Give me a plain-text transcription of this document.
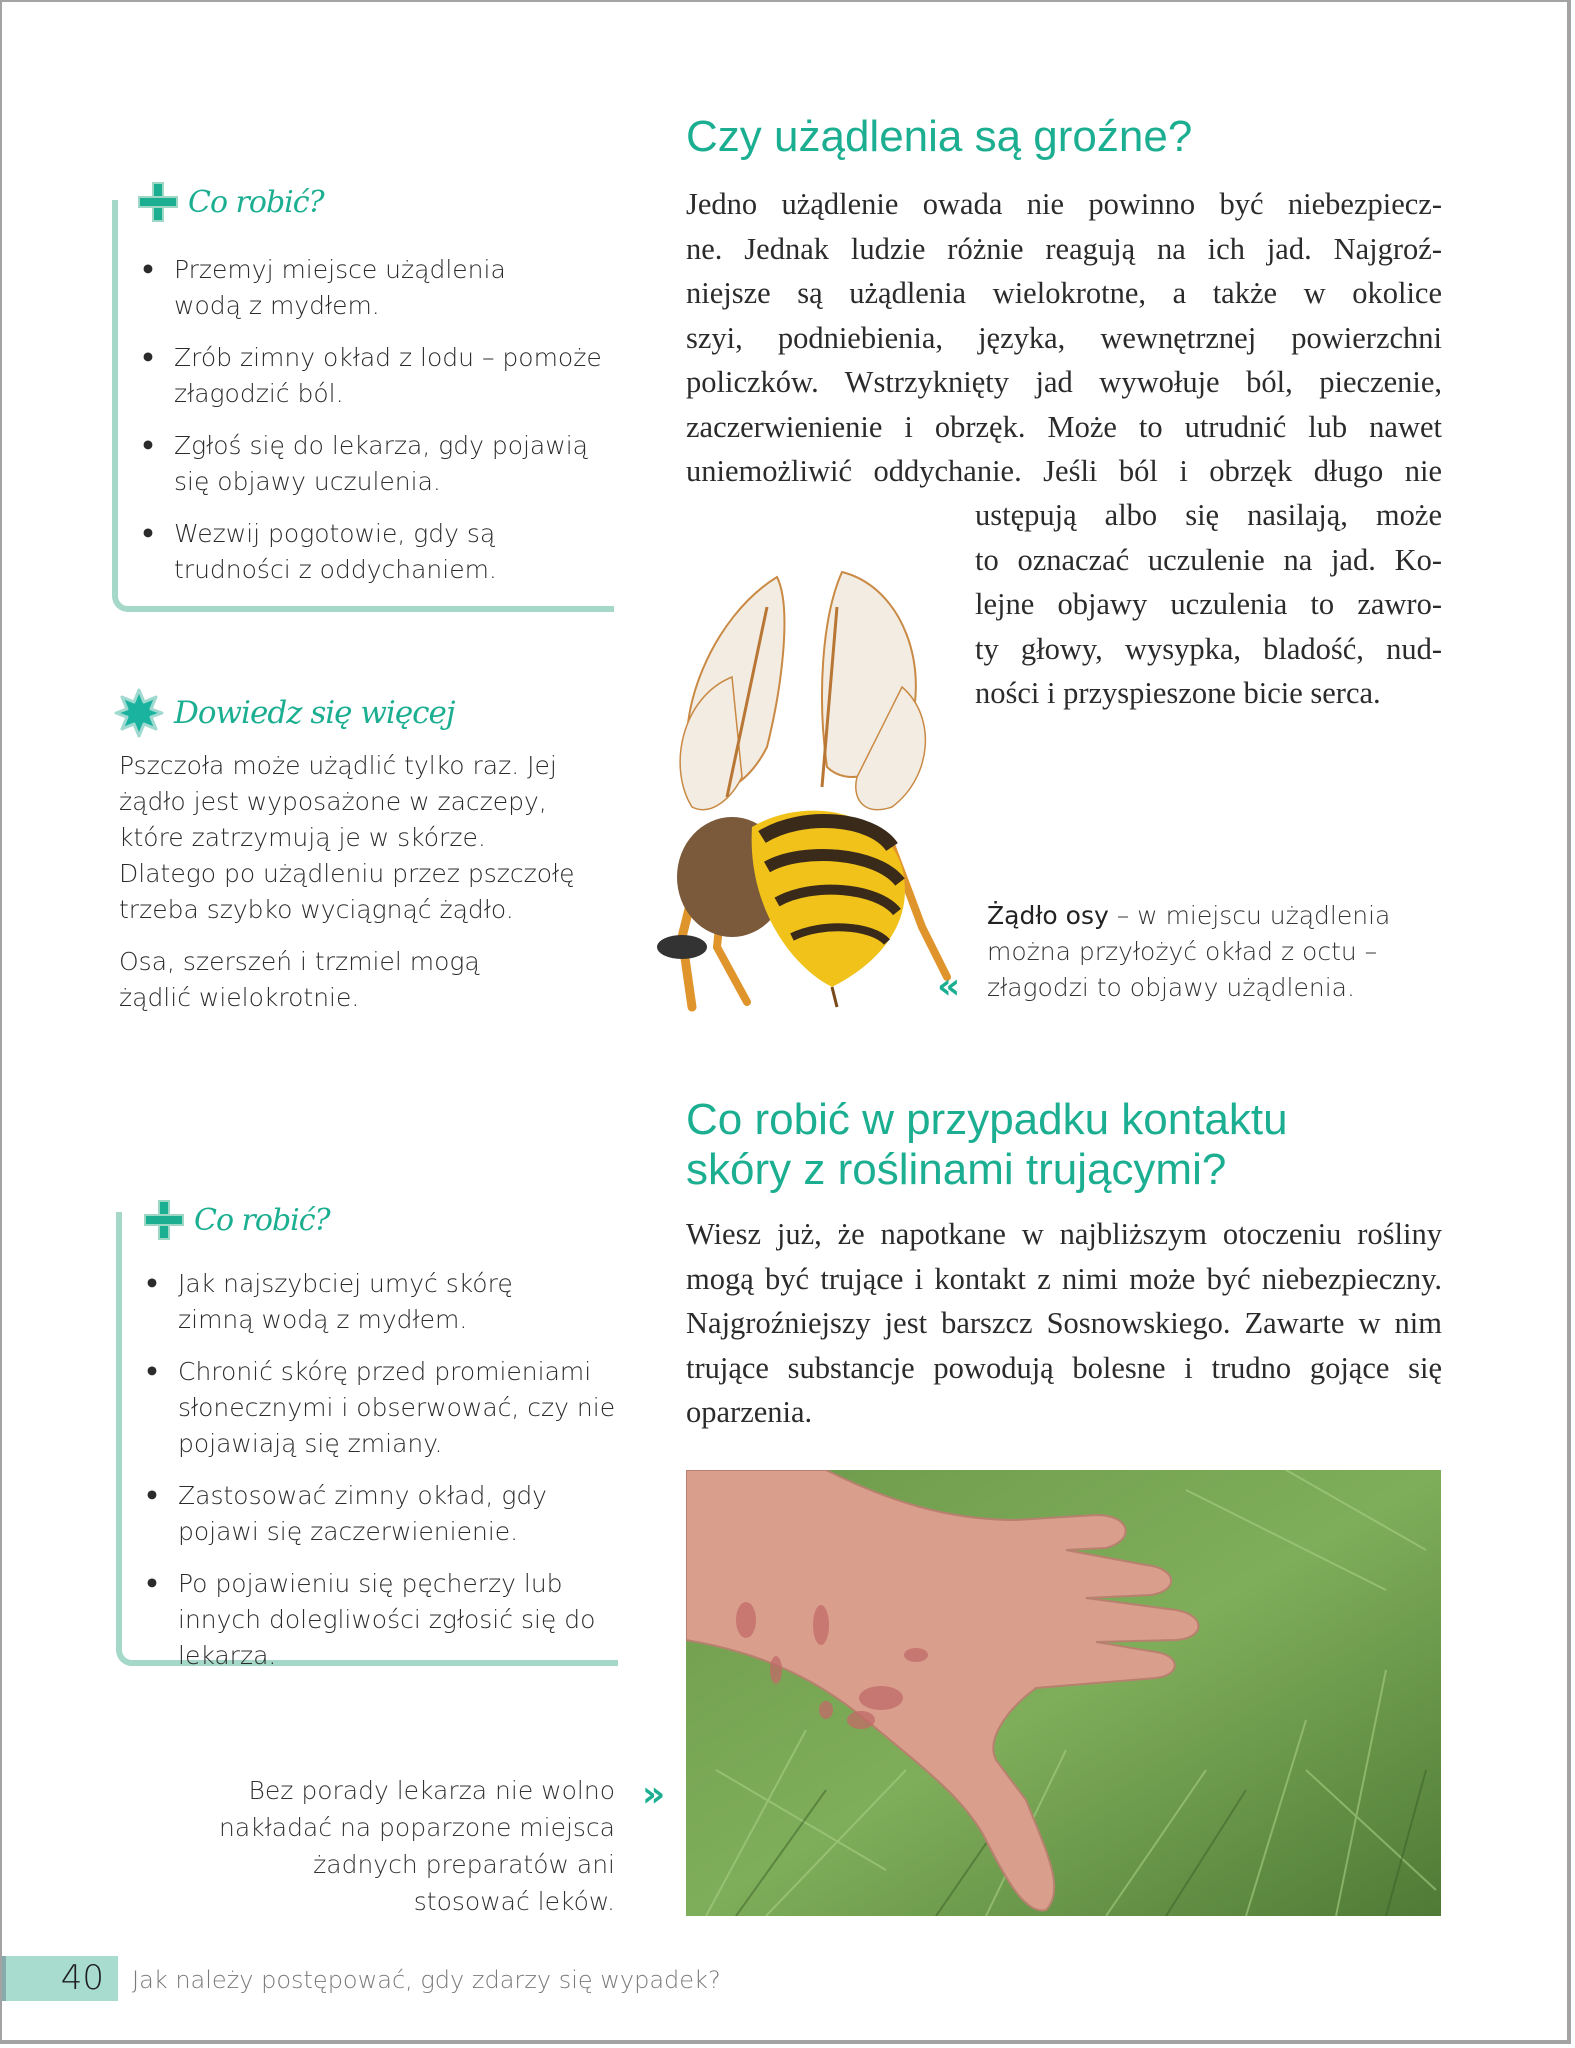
Czy użądlenia są groźne?
Jedno użądlenie owada nie powinno być niebezpiecz-
ne. Jednak ludzie różnie reagują na ich jad. Najgroź-
niejsze są użądlenia wielokrotne, a także w okolice
szyi, podniebienia, języka, wewnętrznej powierzchni
policzków. Wstrzyknięty jad wywołuje ból, pieczenie,
zaczerwienienie i obrzęk. Może to utrudnić lub nawet
uniemożliwić oddychanie. Jeśli ból i obrzęk długo nie
ustępują albo się nasilają, może
to oznaczać uczulenie na jad. Ko-
lejne objawy uczulenia to zawro-
ty głowy, wysypka, bladość, nud-
ności i przyspieszone bicie serca.
Co robić?
• Przemyj miejsce użądlenia wodą z mydłem.
• Zrób zimny okład z lodu – pomoże złagodzić ból.
• Zgłoś się do lekarza, gdy pojawią się objawy uczulenia.
• Wezwij pogotowie, gdy są trudności z oddychaniem.
Dowiedz się więcej

Pszczoła może użądlić tylko raz. Jej żądło jest wyposażone w zaczepy, które zatrzymują je w skórze. Dlatego po użądleniu przez pszczołę trzeba szybko wyciągnąć żądło.

Osa, szerszeń i trzmiel mogą żądlić wielokrotnie.	«
Żądło osy – w miejscu użądlenia można przyłożyć okład z octu – złagodzi to objawy użądlenia.
Co robić w przypadku kontaktu
skóry z roślinami trującymi?

Wiesz już, że napotkane w najbliższym otoczeniu rośliny mogą być trujące i kontakt z nimi może być niebezpieczny. Najgroźniejszy jest barszcz Sosnowskiego. Zawarte w nim trujące substancje powodują bolesne i trudno gojące się oparzenia.

Co robić?
• Jak najszybciej umyć skórę zimną wodą z mydłem.
• Chronić skórę przed promieniami słonecznymi i obserwować, czy nie pojawiają się zmiany.
• Zastosować zimny okład, gdy pojawi się zaczerwienienie.
• Po pojawieniu się pęcherzy lub innych dolegliwości zgłosić się do lekarza.
Bez porady lekarza nie wolno
nakładać na poparzone miejsca
żadnych preparatów ani
stosować leków.
»
40	Jak należy postępować, gdy zdarzy się wypadek?
